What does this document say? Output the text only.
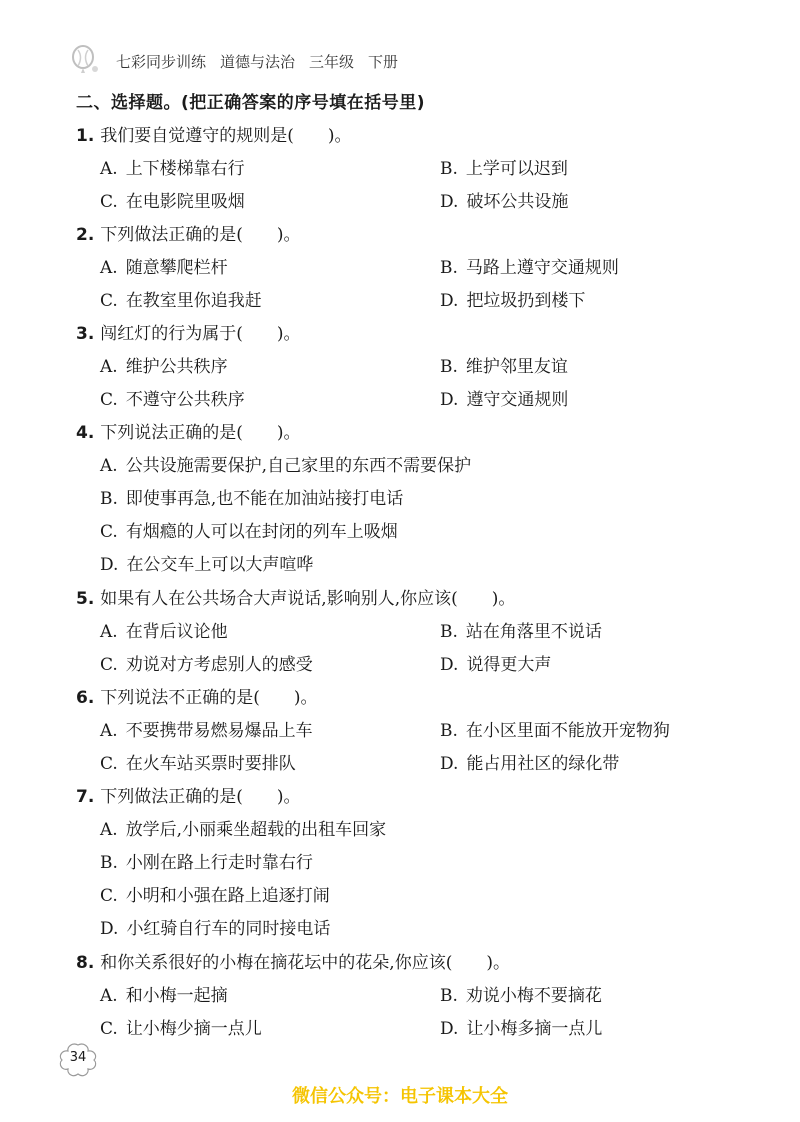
七彩同步训练 道德与法治 三年级 下册
二、选择题。(把正确答案的序号填在括号里)
1. 我们要自觉遵守的规则是(　　)。
A. 上下楼梯靠右行	B. 上学可以迟到
C. 在电影院里吸烟	D. 破坏公共设施
2. 下列做法正确的是(　　)。
A. 随意攀爬栏杆	B. 马路上遵守交通规则
C. 在教室里你追我赶	D. 把垃圾扔到楼下
3. 闯红灯的行为属于(　　)。
A. 维护公共秩序	B. 维护邻里友谊
C. 不遵守公共秩序	D. 遵守交通规则
4. 下列说法正确的是(　　)。
A. 公共设施需要保护,自己家里的东西不需要保护
B. 即使事再急,也不能在加油站接打电话
C. 有烟瘾的人可以在封闭的列车上吸烟
D. 在公交车上可以大声喧哗
5. 如果有人在公共场合大声说话,影响别人,你应该(　　)。
A. 在背后议论他	B. 站在角落里不说话
C. 劝说对方考虑别人的感受	D. 说得更大声
6. 下列说法不正确的是(　　)。
A. 不要携带易燃易爆品上车	B. 在小区里面不能放开宠物狗
C. 在火车站买票时要排队	D. 能占用社区的绿化带
7. 下列做法正确的是(　　)。
A. 放学后,小丽乘坐超载的出租车回家
B. 小刚在路上行走时靠右行
C. 小明和小强在路上追逐打闹
D. 小红骑自行车的同时接电话
8. 和你关系很好的小梅在摘花坛中的花朵,你应该(　　)。
A. 和小梅一起摘	B. 劝说小梅不要摘花
C. 让小梅少摘一点儿	D. 让小梅多摘一点儿
34
微信公众号：电子课本大全
